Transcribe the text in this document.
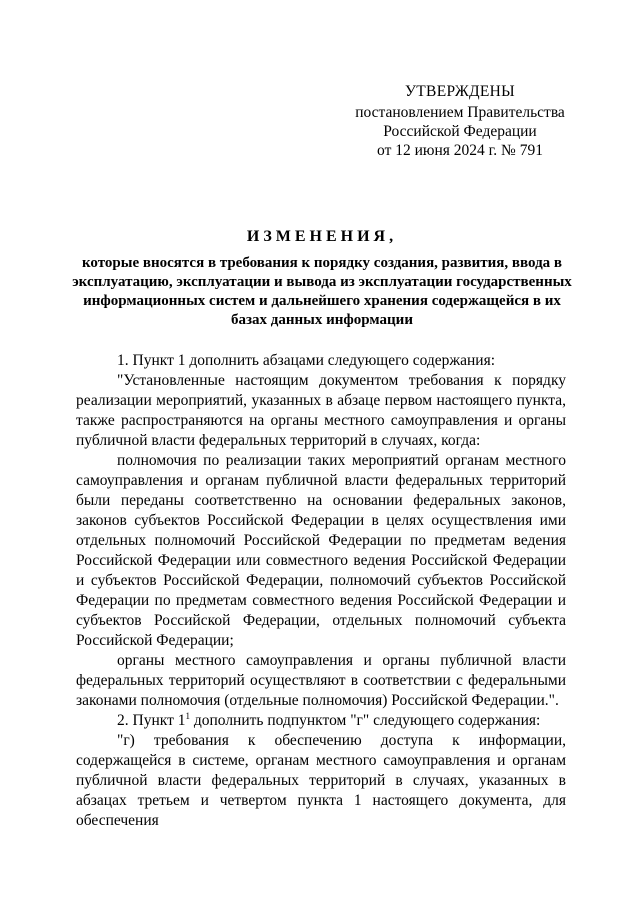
УТВЕРЖДЕНЫ
постановлением Правительства
Российской Федерации
от 12 июня 2024 г. № 791
ИЗМЕНЕНИЯ,
которые вносятся в требования к порядку создания, развития, ввода в эксплуатацию, эксплуатации и вывода из эксплуатации государственных информационных систем и дальнейшего хранения содержащейся в их базах данных информации

1. Пункт 1 дополнить абзацами следующего содержания:

"Установленные настоящим документом требования к порядку реализации мероприятий, указанных в абзаце первом настоящего пункта, также распространяются на органы местного самоуправления и органы публичной власти федеральных территорий в случаях, когда:

полномочия по реализации таких мероприятий органам местного самоуправления и органам публичной власти федеральных территорий были переданы соответственно на основании федеральных законов, законов субъектов Российской Федерации в целях осуществления ими отдельных полномочий Российской Федерации по предметам ведения Российской Федерации или совместного ведения Российской Федерации и субъектов Российской Федерации, полномочий субъектов Российской Федерации по предметам совместного ведения Российской Федерации и субъектов Российской Федерации, отдельных полномочий субъекта Российской Федерации;

органы местного самоуправления и органы публичной власти федеральных территорий осуществляют в соответствии с федеральными законами полномочия (отдельные полномочия) Российской Федерации.".

2. Пункт $1^1$ дополнить подпунктом "г" следующего содержания:

"г) требования к обеспечению доступа к информации, содержащейся в системе, органам местного самоуправления и органам публичной власти федеральных территорий в случаях, указанных в абзацах третьем и четвертом пункта 1 настоящего документа, для обеспечения
